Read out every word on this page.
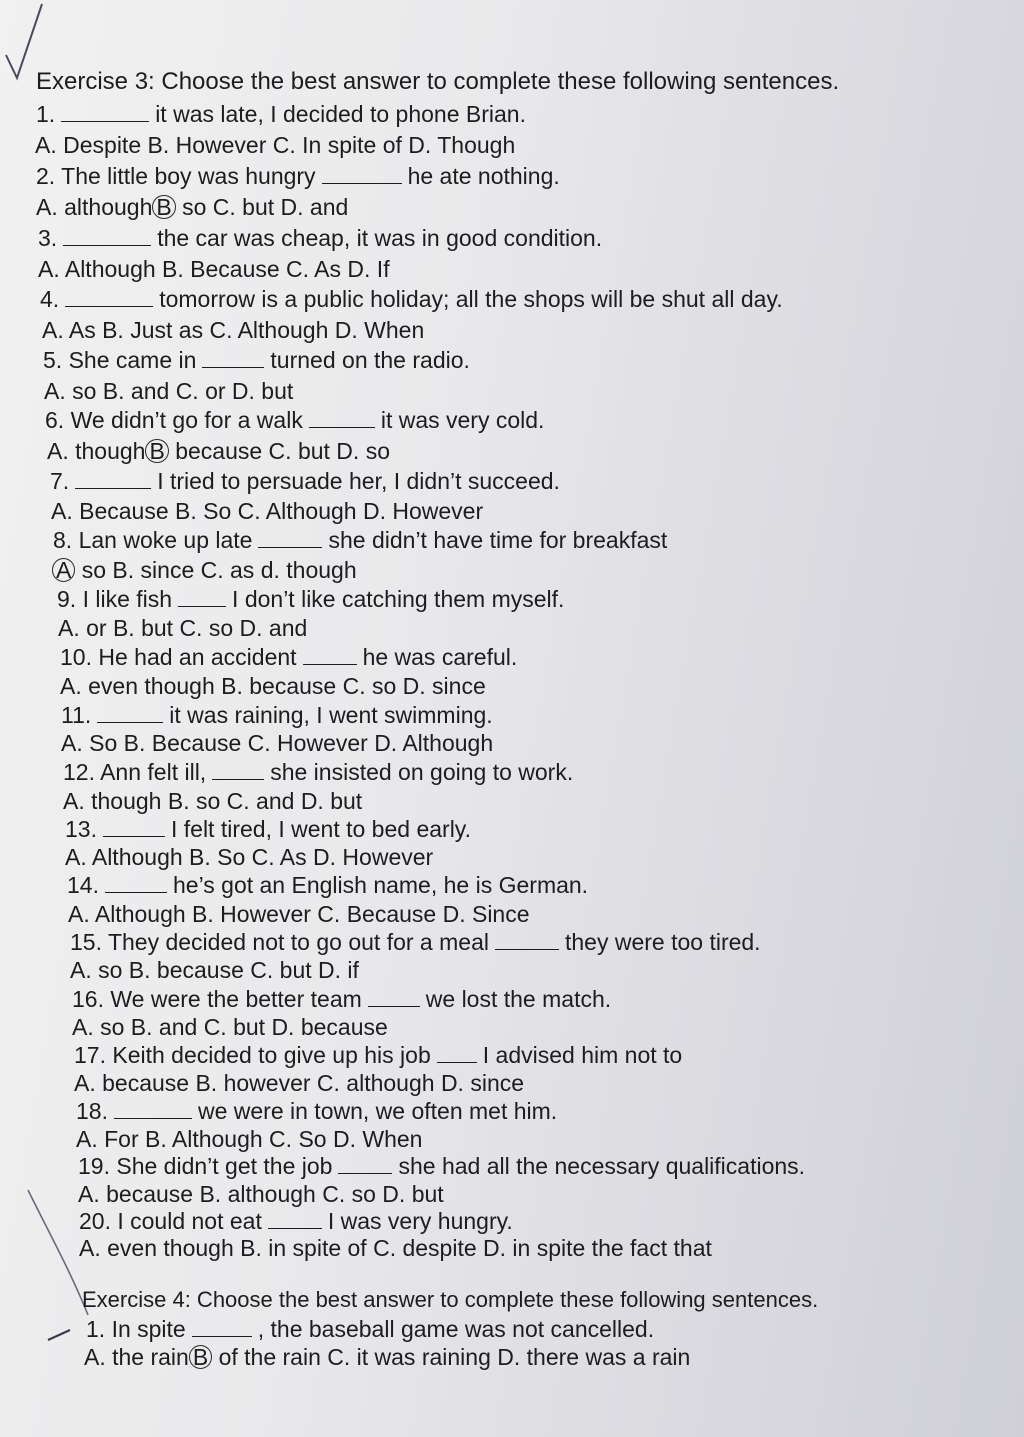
Exercise 3: Choose the best answer to complete these following sentences.
1.	it was late, I decided to phone Brian.
A. Despite B. However C. In spite of D. Though
2. The little boy was hungry	he ate nothing.
A. although B so C. but D. and
3.	the car was cheap, it was in good condition.
A. Although B. Because C. As D. If
4.	tomorrow is a public holiday; all the shops will be shut all day.
A. As B. Just as C. Although D. When
5. She came in	turned on the radio.
A. so B. and C. or D. but
6. We didn’t go for a walk	it was very cold.
A. though B because C. but D. so
7.	I tried to persuade her, I didn’t succeed.
A. Because B. So C. Although D. However
8. Lan woke up late	she didn’t have time for breakfast
A so B. since C. as d. though
9. I like fish	I don’t like catching them myself.
A. or B. but C. so D. and
10. He had an accident	he was careful.
A. even though B. because C. so D. since
11.	it was raining, I went swimming.
A. So B. Because C. However D. Although
12. Ann felt ill,	she insisted on going to work.
A. though B. so C. and D. but
13.	I felt tired, I went to bed early.
A. Although B. So C. As D. However
14.	he’s got an English name, he is German.
A. Although B. However C. Because D. Since
15. They decided not to go out for a meal	they were too tired.
A. so B. because C. but D. if
16. We were the better team	we lost the match.
A. so B. and C. but D. because
17. Keith decided to give up his job I advised him not to
A. because B. however C. although D. since
18.	we were in town, we often met him.
A. For B. Although C. So D. When
19. She didn’t get the job	she had all the necessary qualifications.
A. because B. although C. so D. but
20. I could not eat	I was very hungry.
A. even though B. in spite of C. despite D. in spite the fact that
Exercise 4: Choose the best answer to complete these following sentences.
1. In spite	, the baseball game was not cancelled.
A. the rain B of the rain C. it was raining D. there was a rain
